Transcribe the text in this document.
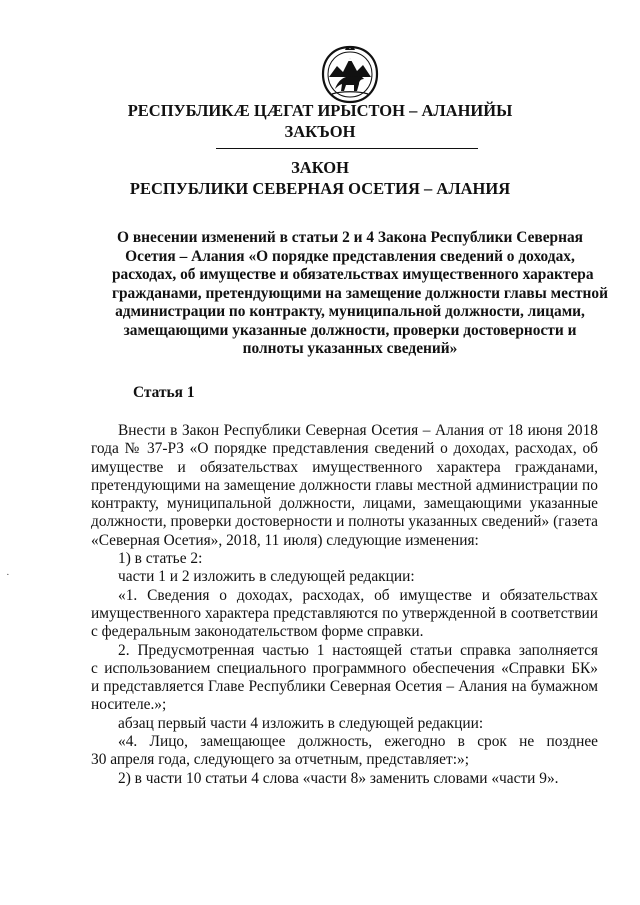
РЕСПУБЛИКÆ ЦÆГАТ ИРЫСТОН – АЛАНИЙЫ
ЗАКЪОН
ЗАКОН
РЕСПУБЛИКИ СЕВЕРНАЯ ОСЕТИЯ – АЛАНИЯ
О внесении изменений в статьи 2 и 4 Закона Республики Северная
Осетия – Алания «О порядке представления сведений о доходах,
расходах, об имуществе и обязательствах имущественного характера
гражданами, претендующими на замещение должности главы местной
администрации по контракту, муниципальной должности, лицами,
замещающими указанные должности, проверки достоверности и
полноты указанных сведений»
Статья 1
Внести в Закон Республики Северная Осетия – Алания от 18 июня 2018
года № 37-РЗ «О порядке представления сведений о доходах, расходах, об
имуществе и обязательствах имущественного характера гражданами,
претендующими на замещение должности главы местной администрации по
контракту, муниципальной должности, лицами, замещающими указанные
должности, проверки достоверности и полноты указанных сведений» (газета
«Северная Осетия», 2018, 11 июля) следующие изменения:
1) в статье 2:
части 1 и 2 изложить в следующей редакции:
«1. Сведения о доходах, расходах, об имуществе и обязательствах
имущественного характера представляются по утвержденной в соответствии
с федеральным законодательством форме справки.
2. Предусмотренная частью 1 настоящей статьи справка заполняется
с использованием специального программного обеспечения «Справки БК»
и представляется Главе Республики Северная Осетия – Алания на бумажном
носителе.»;
абзац первый части 4 изложить в следующей редакции:
«4. Лицо, замещающее должность, ежегодно в срок не позднее
30 апреля года, следующего за отчетным, представляет:»;
2) в части 10 статьи 4 слова «части 8» заменить словами «части 9».
·
